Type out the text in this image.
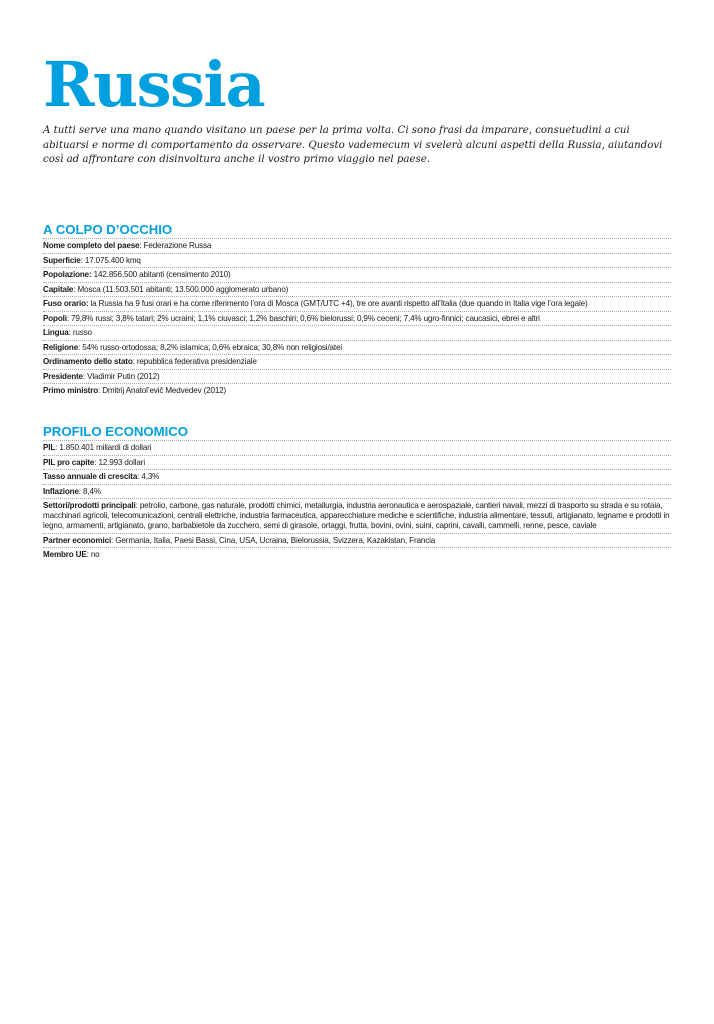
Russia

A tutti serve una mano quando visitano un paese per la prima volta. Ci sono frasi da imparare, consuetudini a cui abituarsi e norme di comportamento da osservare. Questo vademecum vi svelerà alcuni aspetti della Russia, aiutandovi così ad affrontare con disinvoltura anche il vostro primo viaggio nel paese.

A COLPO D’OCCHIO
Nome completo del paese: Federazione Russa
Superficie: 17.075.400 kmq
Popolazione: 142.856.500 abitanti (censimento 2010)
Capitale: Mosca (11.503.501 abitanti; 13.500.000 agglomerato urbano)
Fuso orario: la Russia ha 9 fusi orari e ha come riferimento l’ora di Mosca (GMT/UTC +4), tre ore avanti rispetto all’Italia (due quando in Italia vige l’ora legale)
Popoli: 79,8% russi; 3,8% tatari; 2% ucraini; 1,1% ciuvasci; 1,2% baschiri; 0,6% bielorussi; 0,9% ceceni; 7,4% ugro-finnici; caucasici, ebrei e altri
Lingua: russo
Religione: 54% russo-ortodossa; 8,2% islamica; 0,6% ebraica; 30,8% non religiosi/atei
Ordinamento dello stato: repubblica federativa presidenziale
Presidente: Vladimir Putin (2012)
Primo ministro: Dmitrij Anatol’evič Medvedev (2012)
PROFILO ECONOMICO
PIL: 1.850.401 miliardi di dollari
PIL pro capite: 12.993 dollari
Tasso annuale di crescita: 4,3%
Inflazione: 8,4%
Settori/prodotti principali: petrolio, carbone, gas naturale, prodotti chimici, metallurgia, industria aeronautica e aerospaziale, cantieri navali, mezzi di trasporto su strada e su rotaia, macchinari agricoli, telecomunicazioni, centrali elettriche, industria farmaceutica, apparecchiature mediche e scientifiche, industria alimentare, tessuti, artigianato, legname e prodotti in legno, armamenti, artigianato, grano, barbabietole da zucchero, semi di girasole, ortaggi, frutta, bovini, ovini, suini, caprini, cavalli, cammelli, renne, pesce, caviale
Partner economici: Germania, Italia, Paesi Bassi, Cina, USA, Ucraina, Bielorussia, Svizzera, Kazakistan, Francia
Membro UE: no
